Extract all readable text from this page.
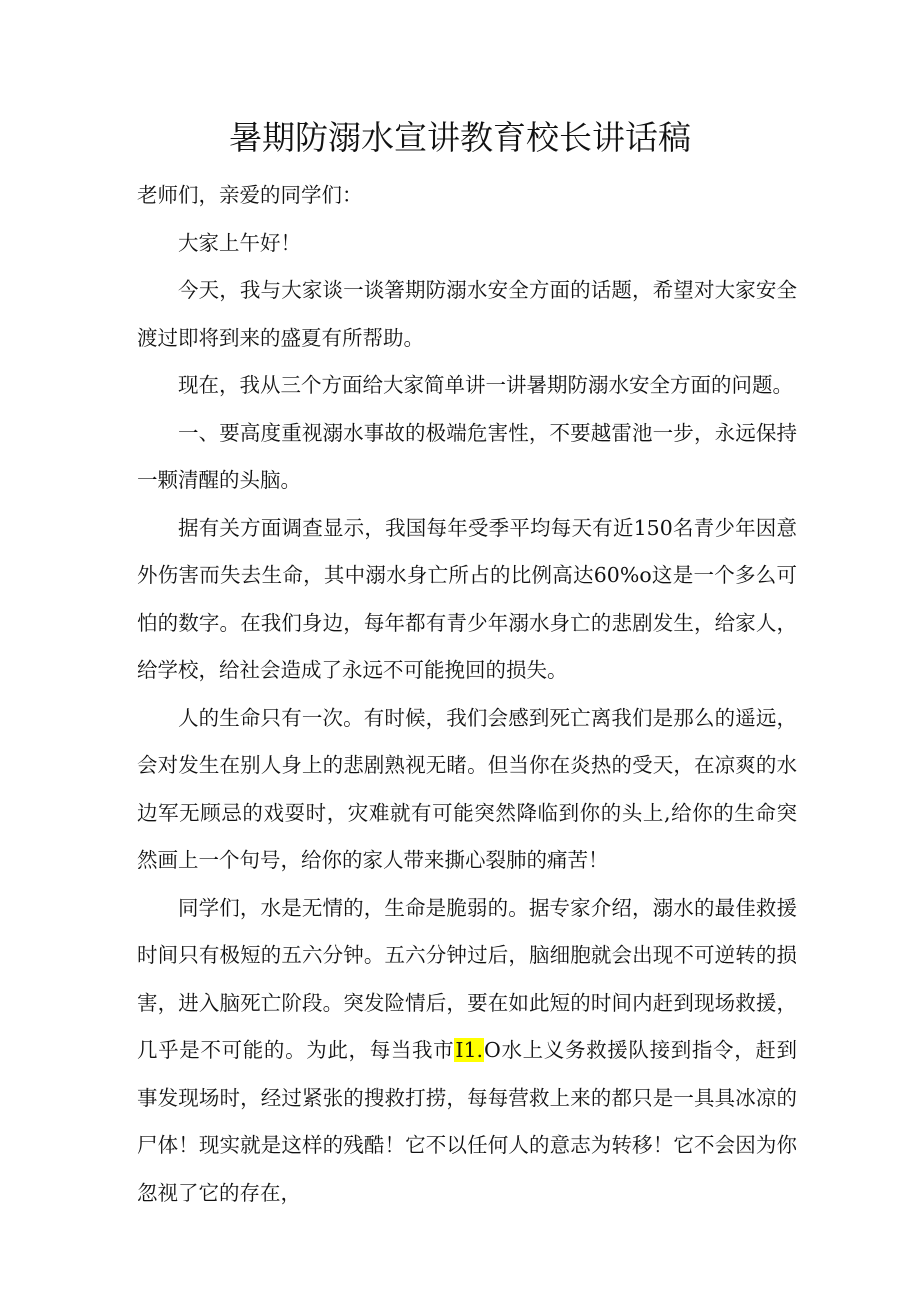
暑期防溺水宣讲教育校长讲话稿

老师们，亲爱的同学们：

大家上午好！

今天，我与大家谈一谈箸期防溺水安全方面的话题，希望对大家安全渡过即将到来的盛夏有所帮助。

现在，我从三个方面给大家简单讲一讲暑期防溺水安全方面的问题。

一、要高度重视溺水事故的极端危害性，不要越雷池一步，永远保持一颗清醒的头脑。

据有关方面调查显示，我国每年受季平均每天有近150名青少年因意外伤害而失去生命，其中溺水身亡所占的比例高达60%o这是一个多么可怕的数字。在我们身边，每年都有青少年溺水身亡的悲剧发生，给家人，给学校，给社会造成了永远不可能挽回的损失。

人的生命只有一次。有时候，我们会感到死亡离我们是那么的遥远，会对发生在别人身上的悲剧熟视无睹。但当你在炎热的受天，在凉爽的水边军无顾忌的戏耍时，灾难就有可能突然降临到你的头上,给你的生命突然画上一个句号，给你的家人带来撕心裂肺的痛苦！

同学们，水是无情的，生命是脆弱的。据专家介绍，溺水的最佳救援时间只有极短的五六分钟。五六分钟过后，脑细胞就会出现不可逆转的损害，进入脑死亡阶段。突发险情后，要在如此短的时间内赶到现场救援，几乎是不可能的。为此，每当我市I1.O水上义务救援队接到指令，赶到事发现场时，经过紧张的搜救打捞，每每营救上来的都只是一具具冰凉的尸体！现实就是这样的残酷！它不以任何人的意志为转移！它不会因为你忽视了它的存在，
